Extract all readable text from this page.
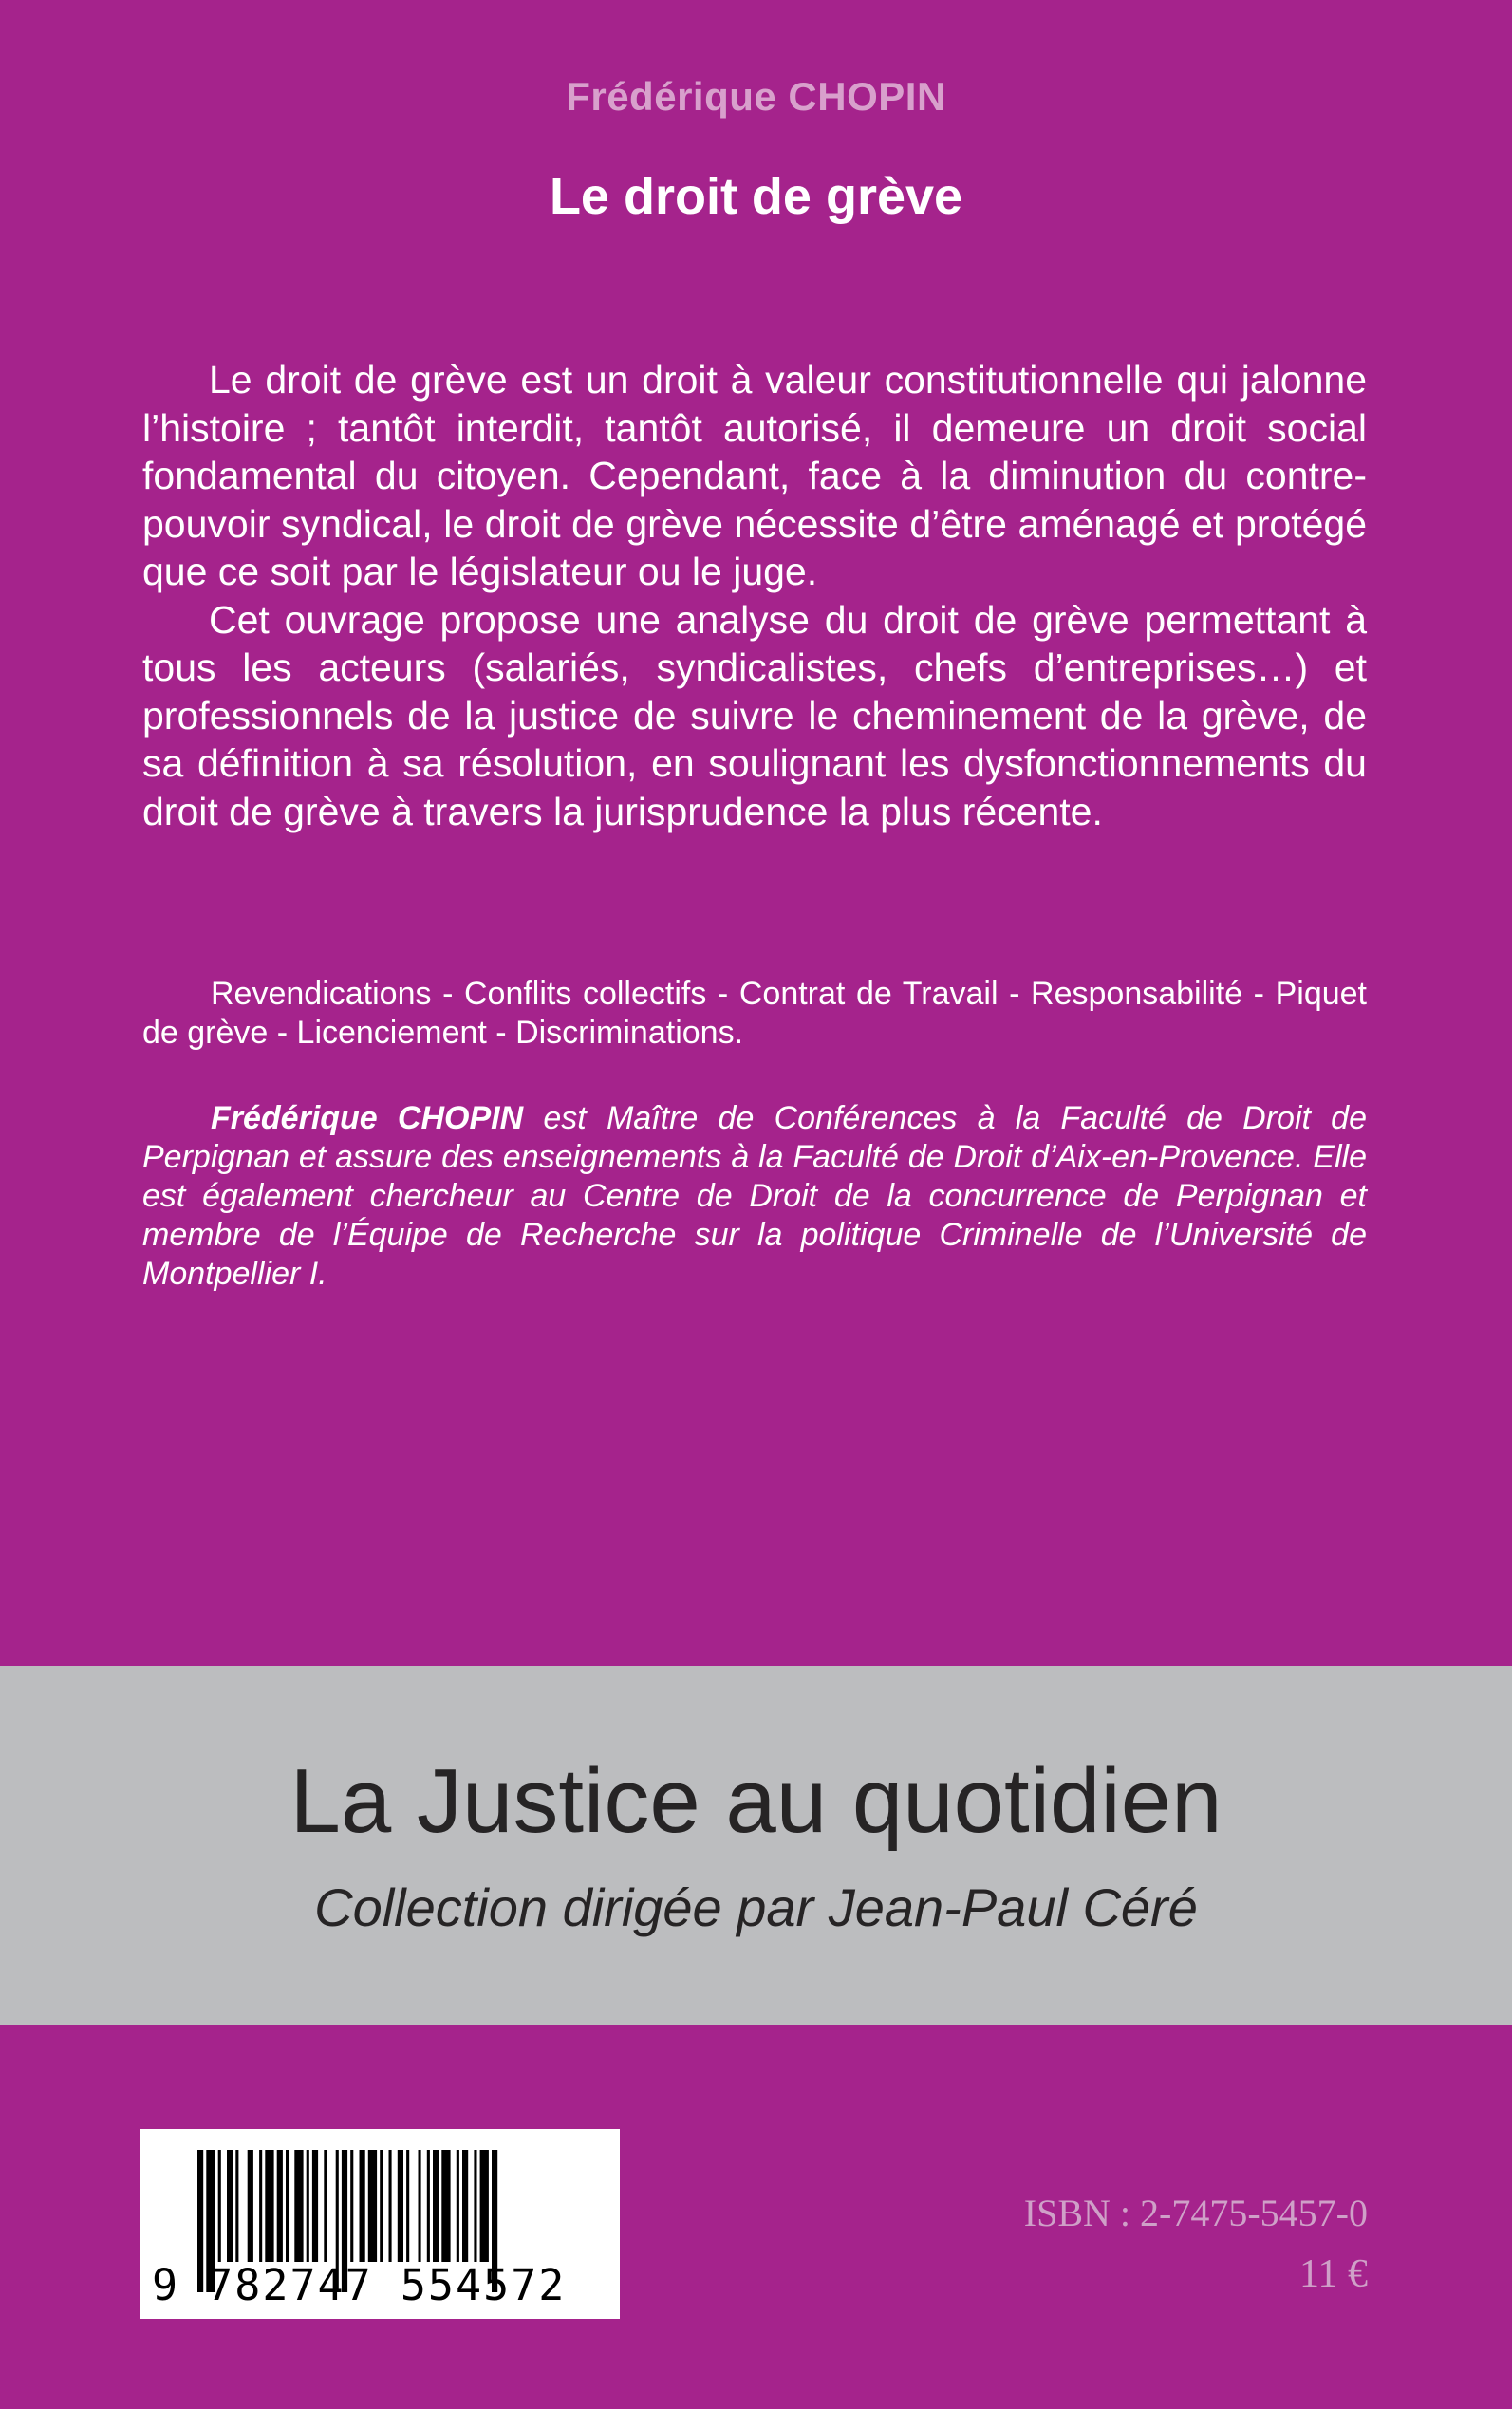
Frédérique CHOPIN
Le droit de grève

Le droit de grève est un droit à valeur constitutionnelle qui jalonne l’histoire ; tantôt interdit, tantôt autorisé, il demeure un droit social fondamental du citoyen. Cependant, face à la diminution du contre-pouvoir syndical, le droit de grève nécessite d’être aménagé et protégé que ce soit par le législateur ou le juge.

Cet ouvrage propose une analyse du droit de grève permettant à tous les acteurs (salariés, syndicalistes, chefs d’entreprises…) et professionnels de la justice de suivre le cheminement de la grève, de sa définition à sa résolution, en soulignant les dysfonctionnements du droit de grève à travers la jurisprudence la plus récente.

Revendications - Conflits collectifs - Contrat de Travail - Responsabilité - Piquet de grève - Licenciement - Discriminations.

Frédérique CHOPIN est Maître de Conférences à la Faculté de Droit de Perpignan et assure des enseignements à la Faculté de Droit d’Aix-en-Provence. Elle est également chercheur au Centre de Droit de la concurrence de Perpignan et membre de l’Équipe de Recherche sur la politique Criminelle de l’Université de Montpellier I.

La Justice au quotidien
Collection dirigée par Jean-Paul Céré
9 782747 554572
ISBN : 2-7475-5457-0
11 €
